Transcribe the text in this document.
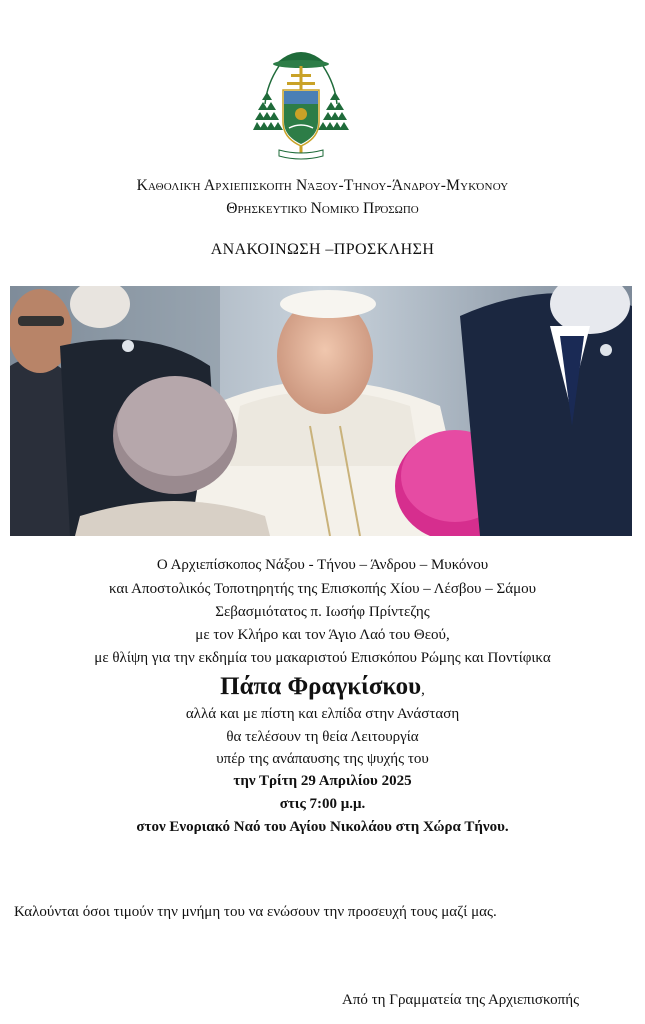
Καθολική Αρχιεπισκοπή Νάξου-Τήνου-Άνδρου-Μυκόνου
Θρησκευτικό Νομικό Πρόσωπο
ΑΝΑΚΟΙΝΩΣΗ –ΠΡΟΣΚΛΗΣΗ
Ο Αρχιεπίσκοπος Νάξου - Τήνου – Άνδρου – Μυκόνου
και Αποστολικός Τοποτηρητής της Επισκοπής Χίου – Λέσβου – Σάμου
Σεβασμιότατος π. Ιωσήφ Πρίντεζης
με τον Κλήρο και τον Άγιο Λαό του Θεού,
με θλίψη για την εκδημία του μακαριστού Επισκόπου Ρώμης και Ποντίφικα
Πάπα Φραγκίσκου,
αλλά και με πίστη και ελπίδα στην Ανάσταση
θα τελέσουν τη θεία Λειτουργία
υπέρ της ανάπαυσης της ψυχής του
την Τρίτη 29 Απριλίου 2025
στις 7:00 μ.μ.
στον Ενοριακό Ναό του Αγίου Νικολάου στη Χώρα Τήνου.
Καλούνται όσοι τιμούν την μνήμη του να ενώσουν την προσευχή τους μαζί μας.
Από τη Γραμματεία της Αρχιεπισκοπής
